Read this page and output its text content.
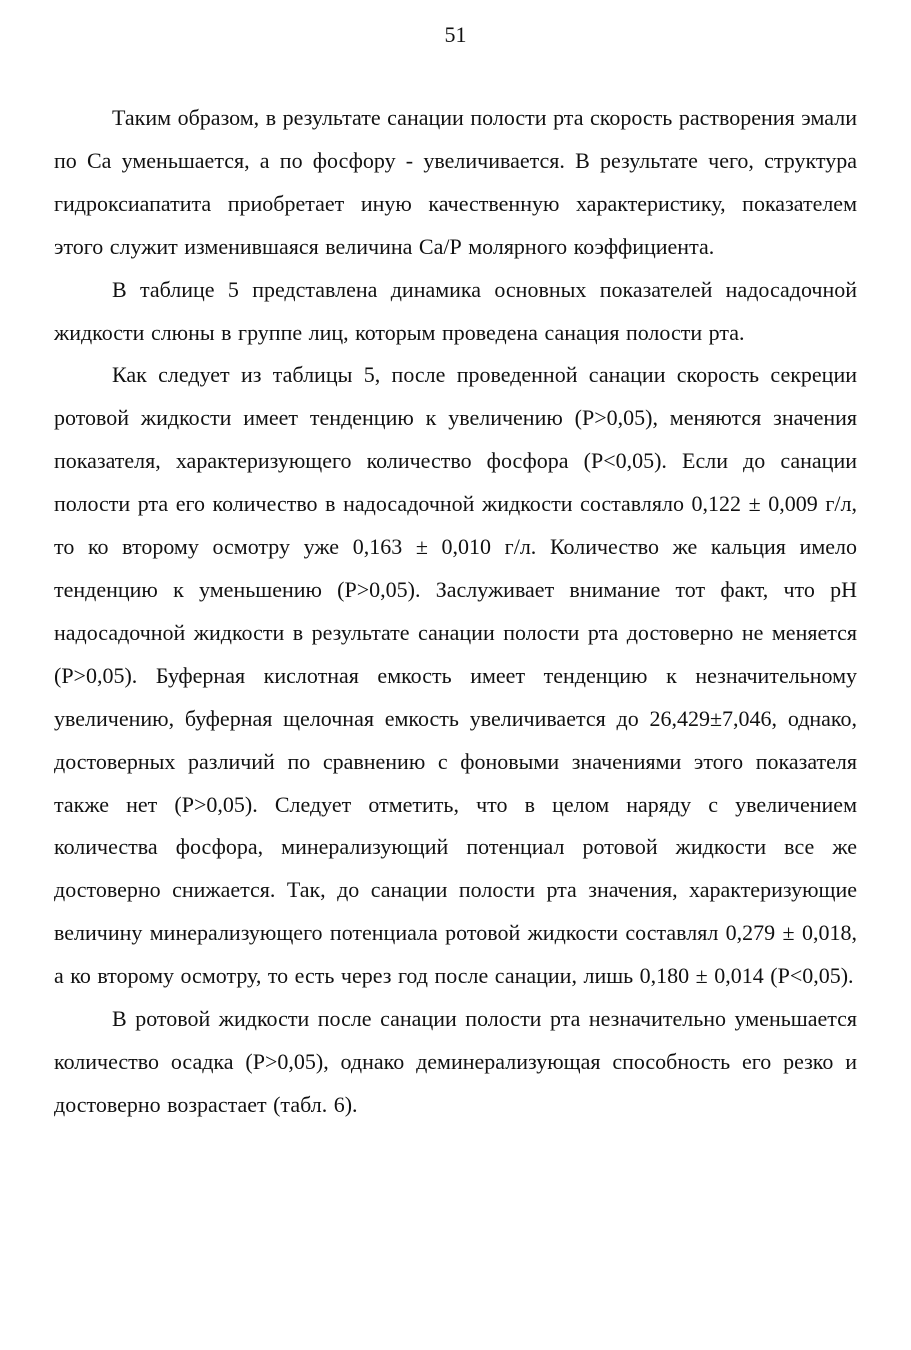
51

Таким образом, в результате санации полости рта скорость растворения эмали по Са уменьшается, а по фосфору - увеличивается. В результате чего, структура гидроксиапатита приобретает иную качественную характеристику, показателем этого служит изменившаяся величина Са/Р молярного коэффициента.

В таблице 5 представлена динамика основных показателей надосадочной жидкости слюны в группе лиц, которым проведена санация полости рта.

Как следует из таблицы 5, после проведенной санации скорость секреции ротовой жидкости имеет тенденцию к увеличению (Р>0,05), меняются значения показателя, характеризующего количество фосфора (Р<0,05). Если до санации полости рта его количество в надосадочной жидкости составляло 0,122 ± 0,009 г/л, то ко второму осмотру уже 0,163 ± 0,010 г/л. Количество же кальция имело тенденцию к уменьшению (Р>0,05). Заслуживает внимание тот факт, что рН надосадочной жидкости в результате санации полости рта достоверно не меняется (Р>0,05). Буферная кислотная емкость имеет тенденцию к незначительному увеличению, буферная щелочная емкость увеличивается до 26,429±7,046, однако, достоверных различий по сравнению с фоновыми значениями этого показателя также нет (Р>0,05). Следует отметить, что в целом наряду с увеличением количества фосфора, минерализующий потенциал ротовой жидкости все же достоверно снижается. Так, до санации полости рта значения, характеризующие величину минерализующего потенциала ротовой жидкости составлял 0,279 ± 0,018, а ко второму осмотру, то есть через год после санации, лишь 0,180 ± 0,014 (Р<0,05).

В ротовой жидкости после санации полости рта незначительно уменьшается количество осадка (Р>0,05), однако деминерализующая способность его резко и достоверно возрастает (табл. 6).
